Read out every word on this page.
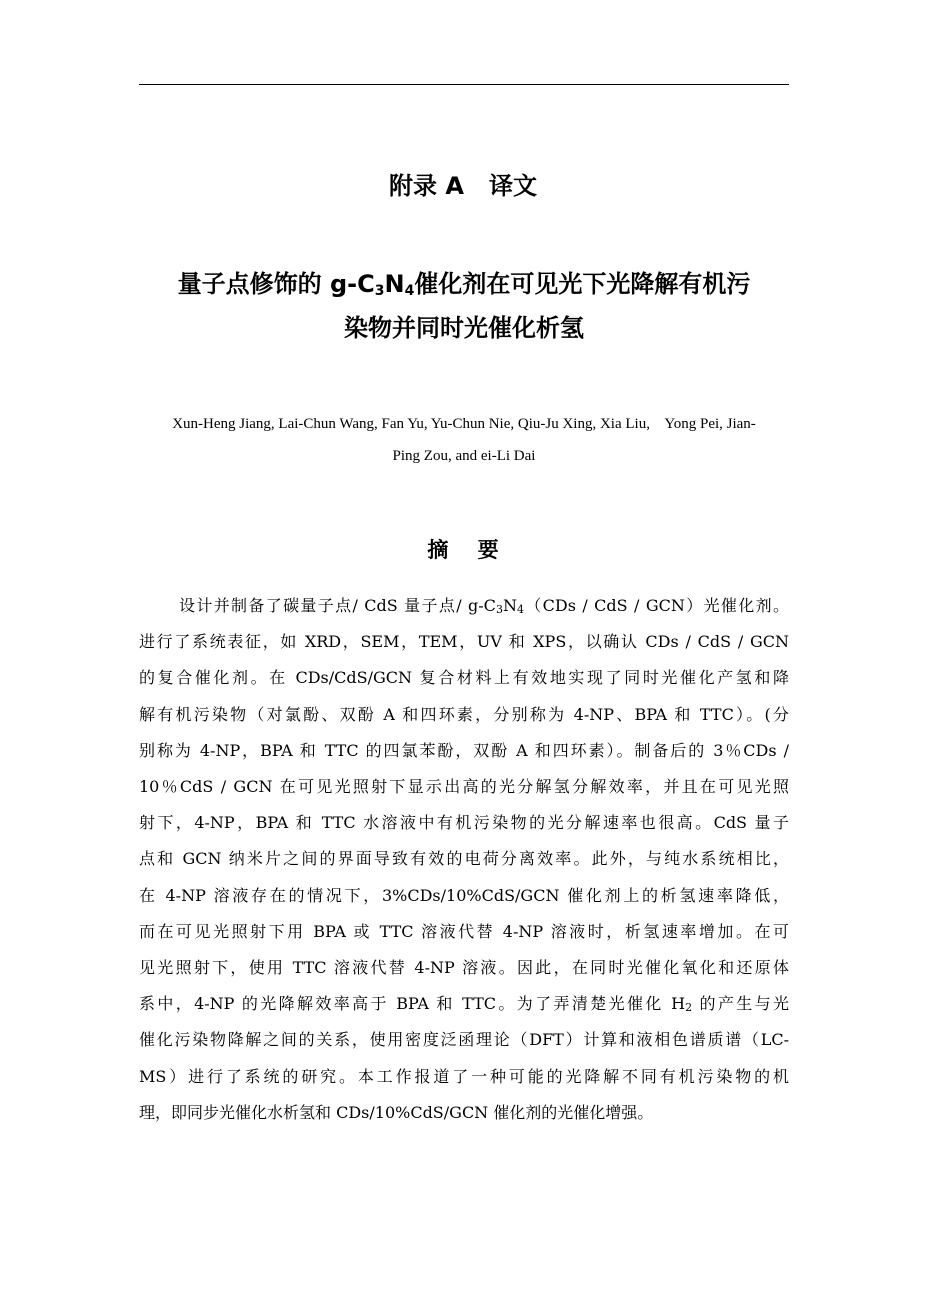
附录 A   译文
量子点修饰的 $g-C_3N_4$催化剂在可见光下光降解有机污
染物并同时光催化析氢
Xun-Heng Jiang, Lai-Chun Wang, Fan Yu, Yu-Chun Nie, Qiu-Ju Xing, Xia Liu,    Yong Pei, Jian-
Ping Zou, and ei-Li Dai
摘    要
设计并制备了碳量子点/ CdS 量子点/ g-C3N4（CDs / CdS / GCN）光催化剂。
进行了系统表征，如 XRD，SEM，TEM，UV 和 XPS，以确认 CDs / CdS / GCN
的复合催化剂。在 CDs/CdS/GCN 复合材料上有效地实现了同时光催化产氢和降
解有机污染物（对氯酚、双酚 A 和四环素，分别称为 4-NP、BPA 和 TTC）。(分
别称为 4-NP，BPA 和 TTC 的四氯苯酚，双酚 A 和四环素）。制备后的 3％CDs /
10％CdS / GCN 在可见光照射下显示出高的光分解氢分解效率，并且在可见光照
射下，4-NP，BPA 和 TTC 水溶液中有机污染物的光分解速率也很高。CdS 量子
点和 GCN 纳米片之间的界面导致有效的电荷分离效率。此外，与纯水系统相比，
在 4-NP 溶液存在的情况下，3%CDs/10%CdS/GCN 催化剂上的析氢速率降低，
而在可见光照射下用 BPA 或 TTC 溶液代替 4-NP 溶液时，析氢速率增加。在可
见光照射下，使用 TTC 溶液代替 4-NP 溶液。因此，在同时光催化氧化和还原体
系中，4-NP 的光降解效率高于 BPA 和 TTC。为了弄清楚光催化 H2 的产生与光
催化污染物降解之间的关系，使用密度泛函理论（DFT）计算和液相色谱质谱（LC-
MS）进行了系统的研究。本工作报道了一种可能的光降解不同有机污染物的机
理，即同步光催化水析氢和 CDs/10%CdS/GCN 催化剂的光催化增强。
